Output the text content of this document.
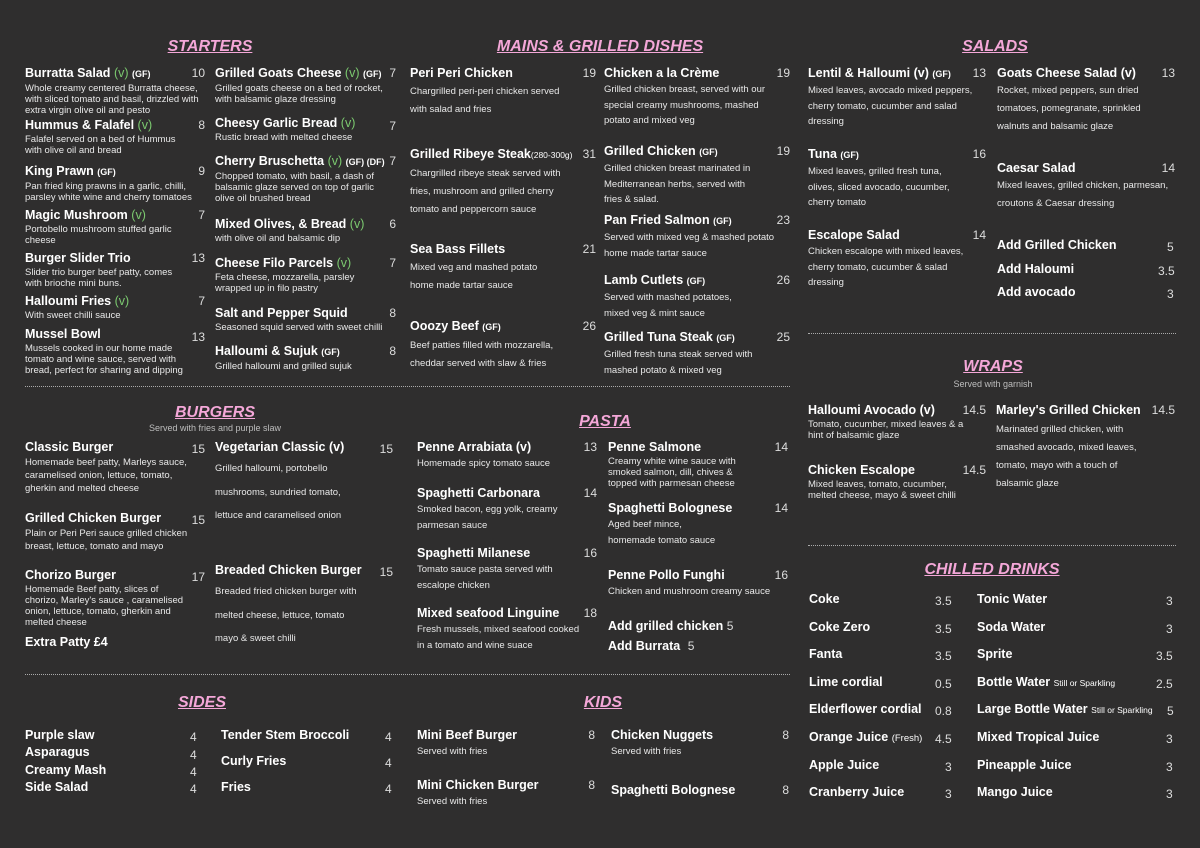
STARTERS	MAINS & GRILLED DISHES	SALADS
WRAPS
Served with garnish
BURGERS
Served with fries and purple slaw	PASTA
CHILLED DRINKS
SIDES	KIDS
Burratta Salad (v) (GF)	10
Whole creamy centered Burratta cheese, with sliced tomato and basil, drizzled with extra virgin olive oil and pesto
Hummus & Falafel (v)	8
Falafel served on a bed of Hummus with olive oil and bread
King Prawn (GF)	9
Pan fried king prawns in a garlic, chilli, parsley white wine and cherry tomatoes
Magic Mushroom (v)	7
Portobello mushroom stuffed garlic cheese
Burger Slider Trio	13
Slider trio burger beef patty, comes with brioche mini buns.
Halloumi Fries (v)	7
With sweet chilli sauce
Mussel Bowl	13
Mussels cooked in our home made tomato and wine sauce, served with bread, perfect for sharing and dipping
Grilled Goats Cheese (v) (GF) 7
Grilled goats cheese on a bed of rocket, with balsamic glaze dressing
Cheesy Garlic Bread (v)	7
Rustic bread with melted cheese
Cherry Bruschetta (v) (GF) (DF) 7
Chopped tomato, with basil, a dash of balsamic glaze served on top of garlic olive oil brushed bread
Mixed Olives, & Bread (v)	6
with olive oil and balsamic dip
Cheese Filo Parcels (v)	7
Feta cheese, mozzarella, parsley wrapped up in filo pastry
Salt and Pepper Squid	8
Seasoned squid served with sweet chilli
Halloumi & Sujuk (GF)	8
Grilled halloumi and grilled sujuk
Peri Peri Chicken	19
Chargrilled peri-peri chicken served with salad and fries
Grilled Ribeye Steak(280-300g) 31
Chargrilled ribeye steak served with fries, mushroom and grilled cherry tomato and peppercorn sauce
Sea Bass Fillets	21
Mixed veg and mashed potato home made tartar sauce
Ooozy Beef (GF)	26
Beef patties filled with mozzarella, cheddar served with slaw & fries
Chicken a la Crème	19
Grilled chicken breast, served with our special creamy mushrooms, mashed potato and mixed veg
Grilled Chicken (GF)	19
Grilled chicken breast marinated in Mediterranean herbs, served with fries & salad.
Pan Fried Salmon (GF)	23
Served with mixed veg & mashed potato home made tartar sauce
Lamb Cutlets (GF)	26
Served with mashed potatoes, mixed veg & mint sauce
Grilled Tuna Steak (GF)	25
Grilled fresh tuna steak served with mashed potato & mixed veg
Lentil & Halloumi (v) (GF)	13
Mixed leaves, avocado mixed peppers, cherry tomato, cucumber and salad dressing
Tuna (GF)	16
Mixed leaves, grilled fresh tuna, olives, sliced avocado, cucumber, cherry tomato
Escalope Salad	14
Chicken escalope with mixed leaves, cherry tomato, cucumber & salad dressing
Goats Cheese Salad (v)	13
Rocket, mixed peppers, sun dried tomatoes, pomegranate, sprinkled walnuts and balsamic glaze
Caesar Salad	14
Mixed leaves, grilled chicken, parmesan, croutons & Caesar dressing
Add Grilled Chicken	5
Add Haloumi	3.5
Add avocado	3
Halloumi Avocado (v)	14.5
Tomato, cucumber, mixed leaves & a hint of balsamic glaze
Chicken Escalope	14.5
Mixed leaves, tomato, cucumber, melted cheese, mayo & sweet chilli
Marley's Grilled Chicken 14.5
Marinated grilled chicken, with smashed avocado, mixed leaves, tomato, mayo with a touch of balsamic glaze
Classic Burger	15
Homemade beef patty, Marleys sauce, caramelised onion, lettuce, tomato, gherkin and melted cheese
Grilled Chicken Burger	15
Plain or Peri Peri sauce grilled chicken breast, lettuce, tomato and mayo
Chorizo Burger	17
Homemade Beef patty, slices of chorizo, Marley's sauce , caramelised onion, lettuce, tomato, gherkin and melted cheese
Extra Patty £4
Vegetarian Classic (v)	15
Grilled halloumi, portobello mushrooms, sundried tomato, lettuce and caramelised onion
Breaded Chicken Burger	15
Breaded fried chicken burger with melted cheese, lettuce, tomato mayo & sweet chilli
Penne Arrabiata (v)	13
Homemade spicy tomato sauce
Spaghetti Carbonara	14
Smoked bacon, egg yolk, creamy parmesan sauce
Spaghetti Milanese	16
Tomato sauce pasta served with escalope chicken
Mixed seafood Linguine	18
Fresh mussels, mixed seafood cooked in a tomato and wine suace
Penne Salmone	14
Creamy white wine sauce with smoked salmon, dill, chives & topped with parmesan cheese
Spaghetti Bolognese	14
Aged beef mince, homemade tomato sauce
Penne Pollo Funghi	16
Chicken and mushroom creamy sauce
Add grilled chicken 5
Add Burrata 5
Coke	3.5
Coke Zero	3.5
Fanta	3.5
Lime cordial	0.5
Elderflower cordial 0.8
Orange Juice (Fresh) 4.5
Apple Juice	3
Cranberry Juice	3
Tonic Water	3
Soda Water	3
Sprite	3.5
Bottle Water Still or Sparkling	2.5
Large Bottle Water Still or Sparkling 5
Mixed Tropical Juice	3
Pineapple Juice	3
Mango Juice	3
Purple slaw	4
Asparagus	4
Creamy Mash	4
Side Salad	4
Tender Stem Broccoli	4
Curly Fries	4
Fries	4
Mini Beef Burger	8
Served with fries
Mini Chicken Burger	8
Served with fries
Chicken Nuggets	8
Served with fries
Spaghetti Bolognese	8
